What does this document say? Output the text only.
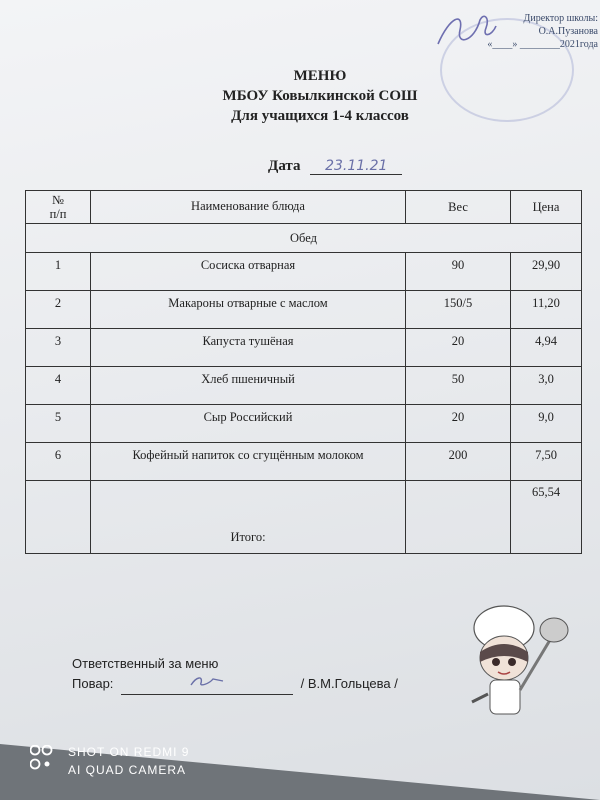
Директор школы:
О.А.Пузанова
«____» ________2021года
МЕНЮ
МБОУ Ковылкинской СОШ
Для учащихся 1-4 классов
Дата 23.11.21
№
п/п	Наименование блюда	Вес	Цена
Обед			
1	Сосиска отварная	90	29,90
2	Макароны отварные с маслом	150/5	11,20
3	Капуста тушёная	20	4,94
4	Хлеб пшеничный	50	3,0
5	Сыр Российский	20	9,0
6	Кофейный напиток со сгущённым молоком	200	7,50
	Итого:		65,54
Ответственный за меню
Повар:	/ В.М.Гольцева /
SHOT ON REDMI 9
AI QUAD CAMERA
